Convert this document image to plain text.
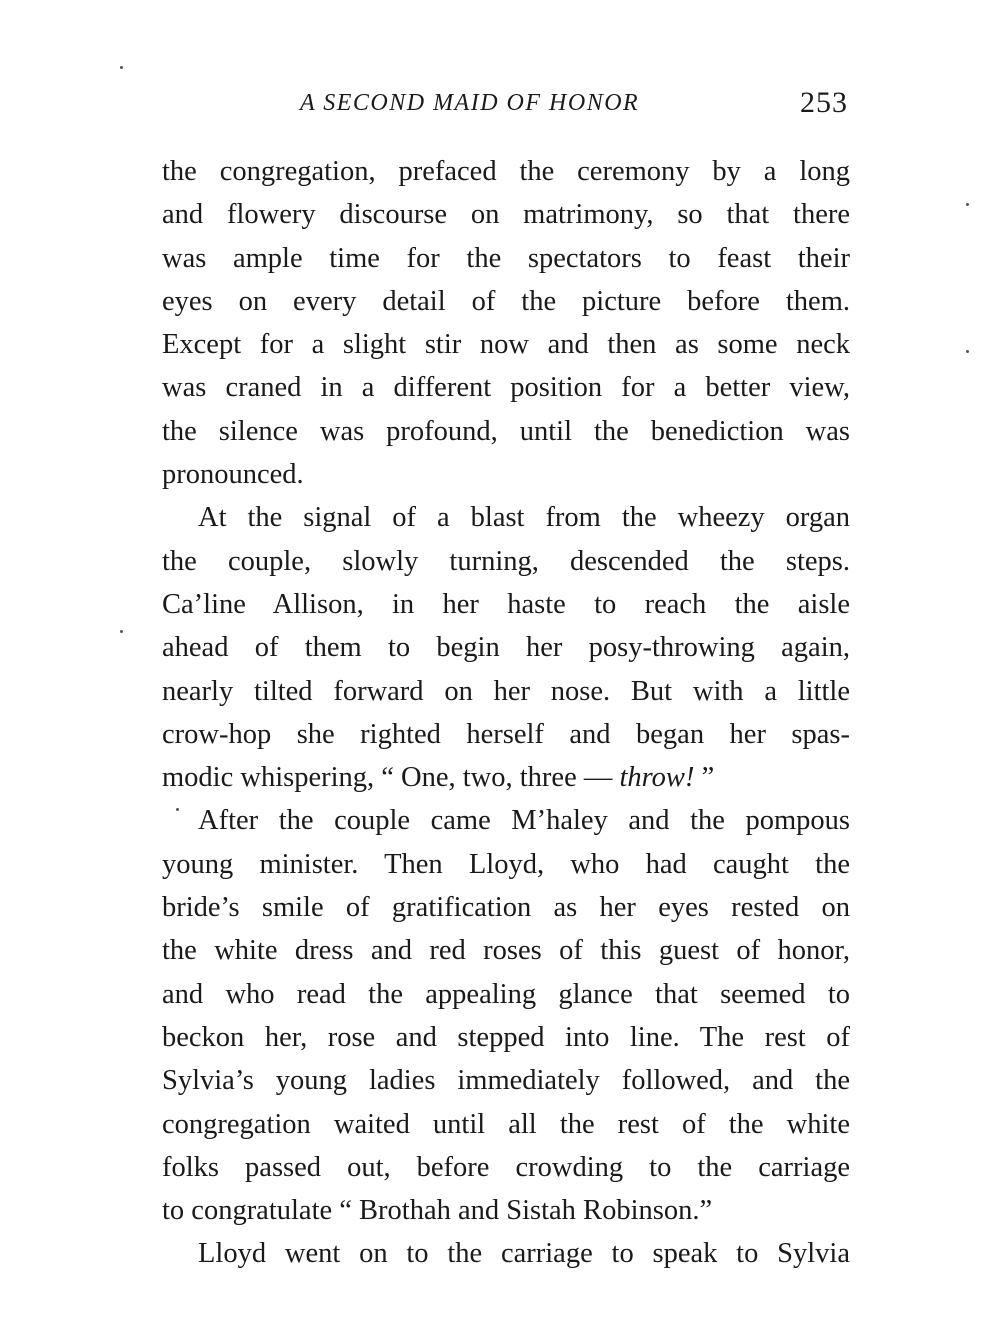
A SECOND MAID OF HONOR	253
the congregation, prefaced the ceremony by a long
and flowery discourse on matrimony, so that there
was ample time for the spectators to feast their
eyes on every detail of the picture before them.
Except for a slight stir now and then as some neck
was craned in a different position for a better view,
the silence was profound, until the benediction was
pronounced.
At the signal of a blast from the wheezy organ
the couple, slowly turning, descended the steps.
Ca’line Allison, in her haste to reach the aisle
ahead of them to begin her posy-throwing again,
nearly tilted forward on her nose. But with a little
crow-hop she righted herself and began her spas-
modic whispering, “ One, two, three — throw! ”
After the couple came M’haley and the pompous
young minister. Then Lloyd, who had caught the
bride’s smile of gratification as her eyes rested on
the white dress and red roses of this guest of honor,
and who read the appealing glance that seemed to
beckon her, rose and stepped into line. The rest of
Sylvia’s young ladies immediately followed, and the
congregation waited until all the rest of the white
folks passed out, before crowding to the carriage
to congratulate “ Brothah and Sistah Robinson.”
Lloyd went on to the carriage to speak to Sylvia
